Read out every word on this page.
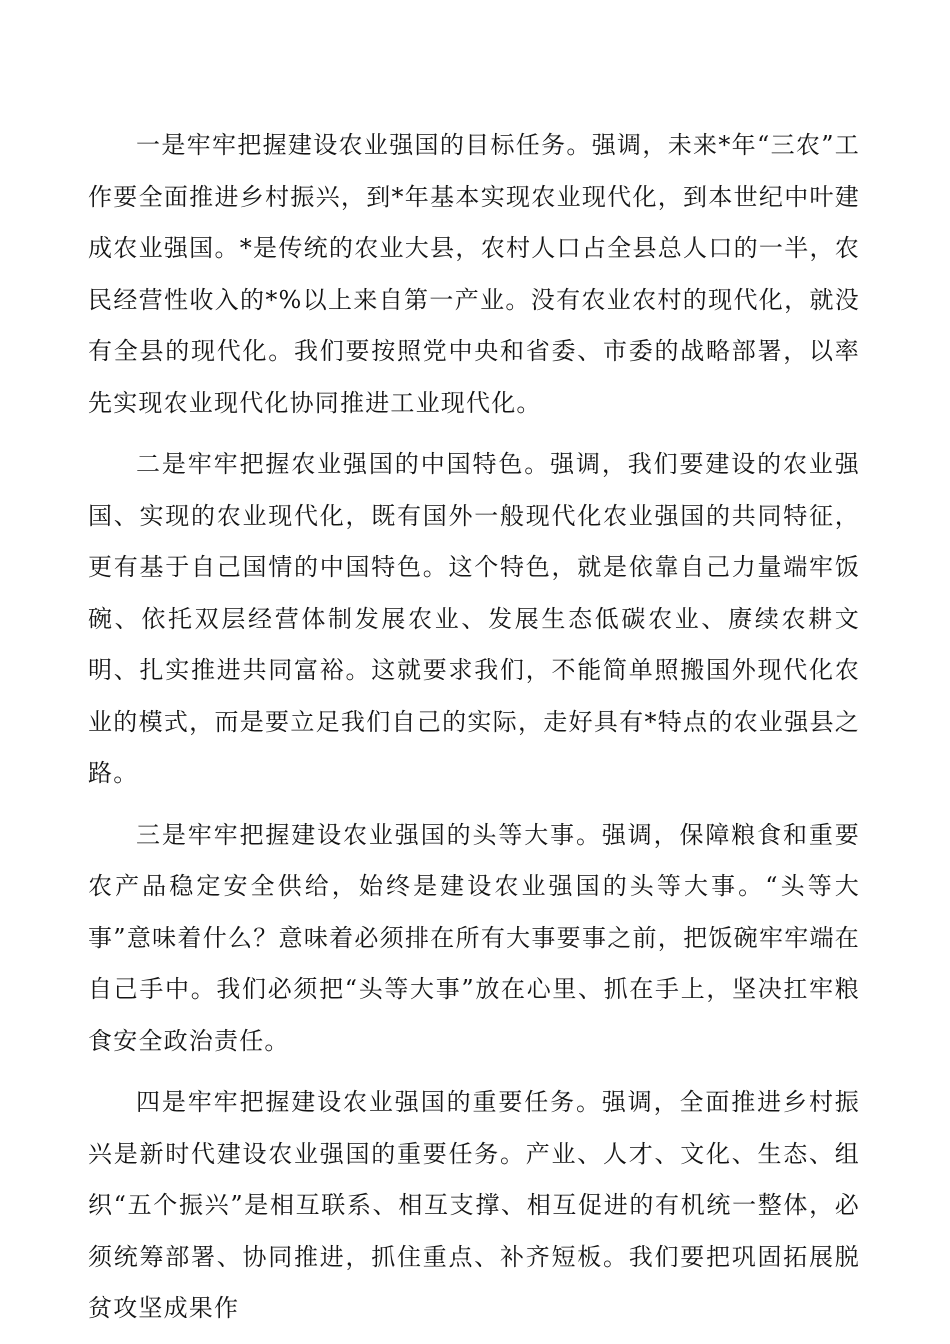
一是牢牢把握建设农业强国的目标任务。强调，未来*年“三农”工作要全面推进乡村振兴，到*年基本实现农业现代化，到本世纪中叶建成农业强国。*是传统的农业大县，农村人口占全县总人口的一半，农民经营性收入的*%以上来自第一产业。没有农业农村的现代化，就没有全县的现代化。我们要按照党中央和省委、市委的战略部署，以率先实现农业现代化协同推进工业现代化。

二是牢牢把握农业强国的中国特色。强调，我们要建设的农业强国、实现的农业现代化，既有国外一般现代化农业强国的共同特征，更有基于自己国情的中国特色。这个特色，就是依靠自己力量端牢饭碗、依托双层经营体制发展农业、发展生态低碳农业、赓续农耕文明、扎实推进共同富裕。这就要求我们，不能简单照搬国外现代化农业的模式，而是要立足我们自己的实际，走好具有*特点的农业强县之路。

三是牢牢把握建设农业强国的头等大事。强调，保障粮食和重要农产品稳定安全供给，始终是建设农业强国的头等大事。“头等大事”意味着什么？意味着必须排在所有大事要事之前，把饭碗牢牢端在自己手中。我们必须把“头等大事”放在心里、抓在手上，坚决扛牢粮食安全政治责任。

四是牢牢把握建设农业强国的重要任务。强调，全面推进乡村振兴是新时代建设农业强国的重要任务。产业、人才、文化、生态、组织“五个振兴”是相互联系、相互支撑、相互促进的有机统一整体，必须统筹部署、协同推进，抓住重点、补齐短板。我们要把巩固拓展脱贫攻坚成果作
